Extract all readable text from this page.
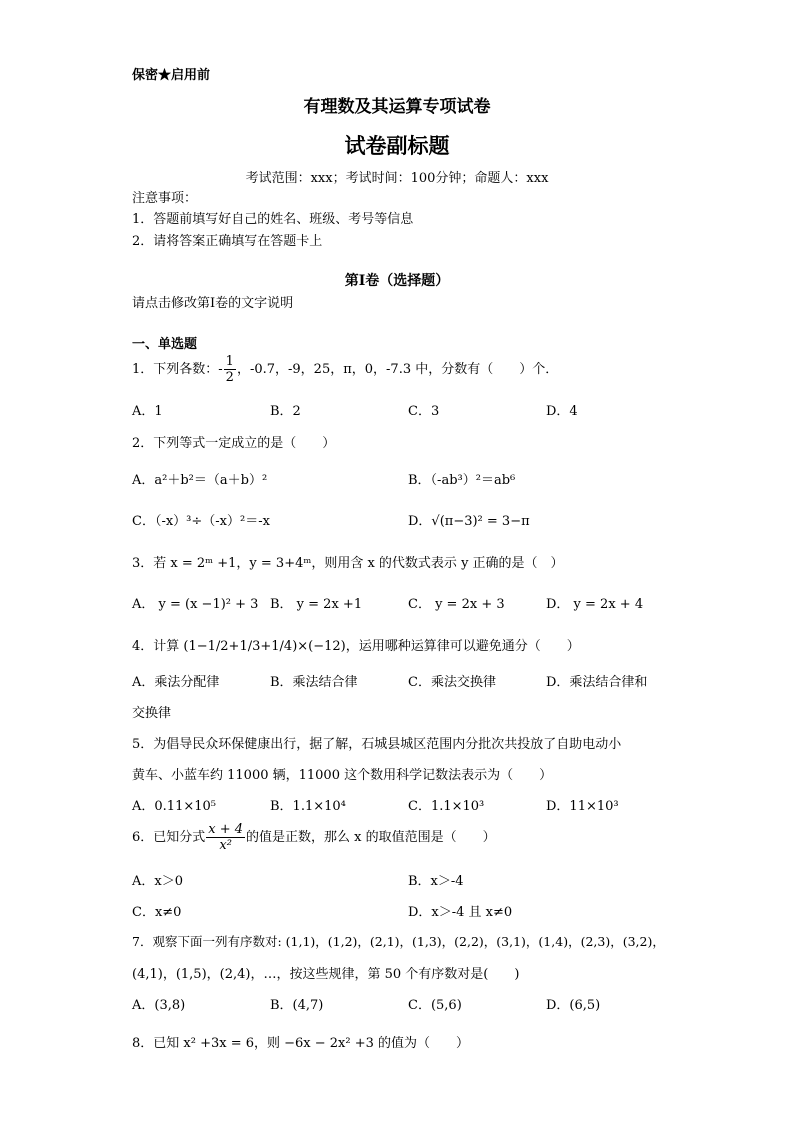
保密★启用前
有理数及其运算专项试卷
试卷副标题
考试范围：xxx；考试时间：100分钟；命题人：xxx
注意事项：
1．答题前填写好自己的姓名、班级、考号等信息
2．请将答案正确填写在答题卡上
第I卷（选择题）
请点击修改第I卷的文字说明
一、单选题
1．下列各数：- $\frac{1}{2}$ ，-0.7，-9，25，π，0，-7.3 中，分数有（　　）个．
A．1	B．2	C．3	D．4
2．下列等式一定成立的是（　　）
A．a²＋b²＝（a＋b）²	B．（-ab³）²＝ab⁶
C．（-x）³÷（-x）²＝-x	D．√(π−3)² = 3−π
3．若 x = 2ᵐ +1，y = 3+4ᵐ，则用含 x 的代数式表示 y 正确的是（　）
A． y = (x −1)² + 3 B． y = 2x +1	C． y = 2x + 3	D． y = 2x + 4
4．计算 (1−1/2+1/3+1/4)×(−12)，运用哪种运算律可以避免通分（　　）
A．乘法分配律	B．乘法结合律	C．乘法交换律	D．乘法结合律和
交换律
5．为倡导民众环保健康出行，据了解，石城县城区范围内分批次共投放了自助电动小
黄车、小蓝车约 11000 辆，11000 这个数用科学记数法表示为（　　）
A．0.11×10⁵	B．1.1×10⁴	C．1.1×10³	D．11×10³
6．已知分式 $\frac{x + 4}{\text{x²}}$ 的值是正数，那么 x 的取值范围是（　　）
A．x＞0	B．x＞-4
C．x≠0	D．x＞-4 且 x≠0
7．观察下面一列有序数对: (1,1)，(1,2)，(2,1)，(1,3)，(2,2)，(3,1)，(1,4)，(2,3)，(3,2)，
(4,1)，(1,5)，(2,4)，…，按这些规律，第 50 个有序数对是(　　)
A．(3,8)	B．(4,7)	C．(5,6)	D．(6,5)
8．已知 x² +3x = 6，则 −6x − 2x² +3 的值为（　　）
